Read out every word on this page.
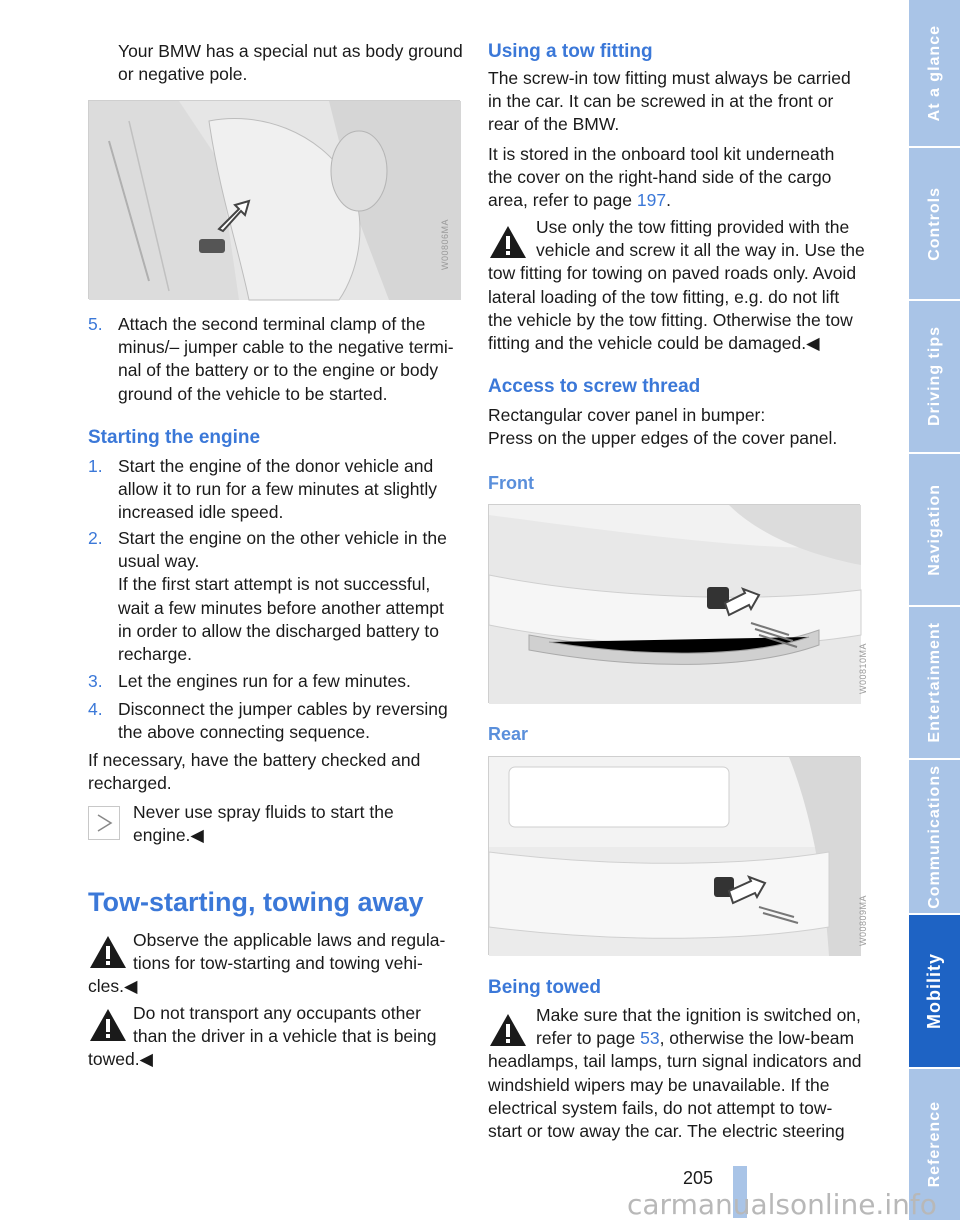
Your BMW has a special nut as body ground
or negative pole.
W00806MA
5. Attach the second terminal clamp of the
minus/– jumper cable to the negative termi-
nal of the battery or to the engine or body
ground of the vehicle to be started.
Starting the engine
1. Start the engine of the donor vehicle and
allow it to run for a few minutes at slightly
increased idle speed.
2. Start the engine on the other vehicle in the
usual way.
If the first start attempt is not successful,
wait a few minutes before another attempt
in order to allow the discharged battery to
recharge.
3. Let the engines run for a few minutes.
4. Disconnect the jumper cables by reversing
the above connecting sequence.
If necessary, have the battery checked and
recharged.
Never use spray fluids to start the
engine.◀
Tow-starting, towing away
Observe the applicable laws and regula-
tions for tow-starting and towing vehi-
cles.◀
Do not transport any occupants other
than the driver in a vehicle that is being
towed.◀
Using a tow fitting
The screw-in tow fitting must always be carried
in the car. It can be screwed in at the front or
rear of the BMW.
It is stored in the onboard tool kit underneath
the cover on the right-hand side of the cargo
area, refer to page 197.
Use only the tow fitting provided with the
vehicle and screw it all the way in. Use the
tow fitting for towing on paved roads only. Avoid
lateral loading of the tow fitting, e.g. do not lift
the vehicle by the tow fitting. Otherwise the tow
fitting and the vehicle could be damaged.◀
Access to screw thread
Rectangular cover panel in bumper:
Press on the upper edges of the cover panel.
Front
W00810MA
Rear
W00809MA
Being towed
Make sure that the ignition is switched on,
refer to page 53, otherwise the low-beam
headlamps, tail lamps, turn signal indicators and
windshield wipers may be unavailable. If the
electrical system fails, do not attempt to tow-
start or tow away the car. The electric steering
At a glance
Controls
Driving tips
Navigation
Entertainment
Communications
Mobility
Reference
205
carmanualsonline.info
